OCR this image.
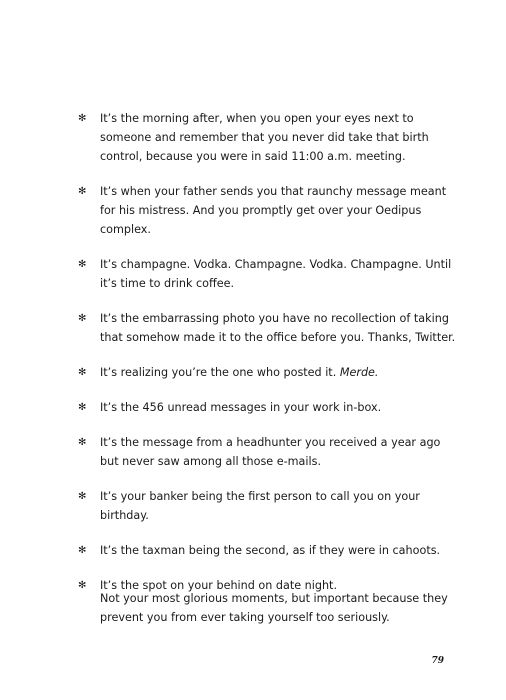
✻ It’s the morning after, when you open your eyes next to someone and remember that you never did take that birth control, because you were in said 11:00 a.m. meeting.
✻ It’s when your father sends you that raunchy message meant for his mistress. And you promptly get over your Oedipus complex.
✻ It’s champagne. Vodka. Champagne. Vodka. Champagne. Until it’s time to drink coffee.
✻ It’s the embarrassing photo you have no recollection of taking that somehow made it to the office before you. Thanks, Twitter.
✻ It’s realizing you’re the one who posted it. Merde.
✻ It’s the 456 unread messages in your work in-box.
✻ It’s the message from a headhunter you received a year ago but never saw among all those e-mails.
✻ It’s your banker being the first person to call you on your birthday.
✻ It’s the taxman being the second, as if they were in cahoots.
✻ It’s the spot on your behind on date night.

Not your most glorious moments, but important because they prevent you from ever taking yourself too seriously.

79
